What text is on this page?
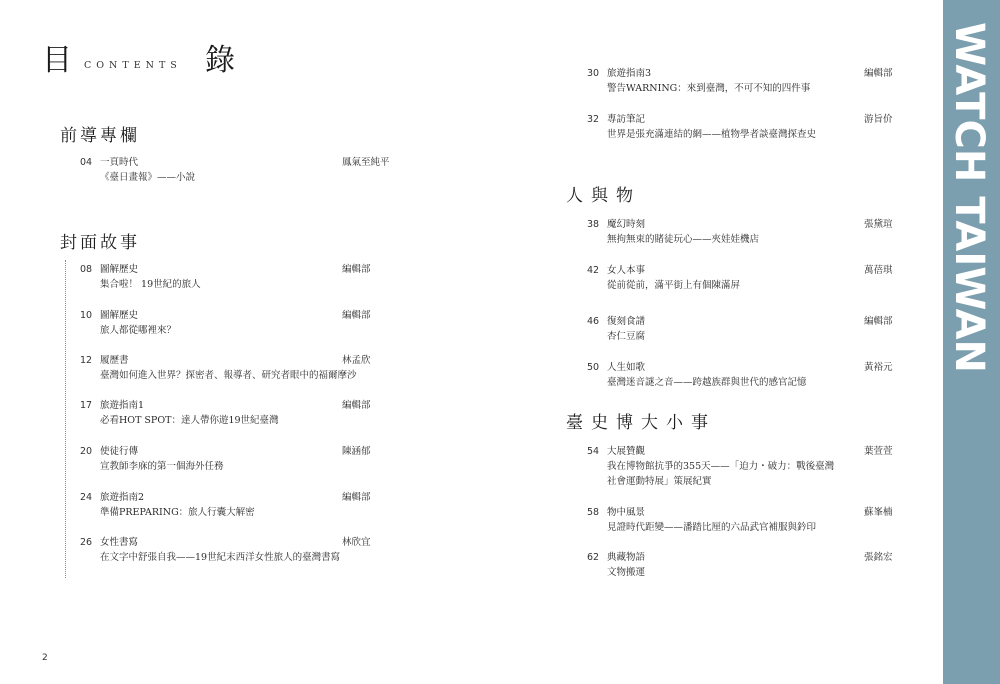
目 CONTENTS 錄
前導專欄
04 一頁時代
《臺日畫報》——小說
鳳氣至純平
封面故事
08 圖解歷史
集合啦！ 19世紀的旅人
編輯部
10 圖解歷史
旅人都從哪裡來？
編輯部
12 履歷書
臺灣如何進入世界？探密者、報導者、研究者眼中的福爾摩沙
林孟欣
17 旅遊指南1
必看HOT SPOT：達人帶你遊19世紀臺灣
編輯部
20 使徒行傳
宣教師李庥的第一個海外任務
陳涵郁
24 旅遊指南2
準備PREPARING：旅人行囊大解密
編輯部
26 女性書寫
在文字中舒張自我——19世紀末西洋女性旅人的臺灣書寫
林欣宜
30 旅遊指南3
警告WARNING：來到臺灣，不可不知的四件事
編輯部
32 專訪筆記
世界是張充滿連結的網——植物學者談臺灣探查史
游旨价
人與物
38 魔幻時刻
無拘無束的賭徒玩心——夾娃娃機店
張黛瑄
42 女人本事
從前從前，滿平街上有個陳滿屏
萬蓓琪
46 復刻食譜
杏仁豆腐
編輯部
50 人生如歌
臺灣迷音謎之音——跨越族群與世代的感官記憶
黃裕元
臺史博大小事
54 大展贊觀
我在博物館抗爭的355天——「迫力・破力：戰後臺灣
社會運動特展」策展紀實
葉萱萱
58 物中風景
見證時代距變——潘踏比厘的六品武官補服與鈐印
蘇峯楠
62 典藏物語
文物搬運
張銘宏
2
WATCH TAIWAN
